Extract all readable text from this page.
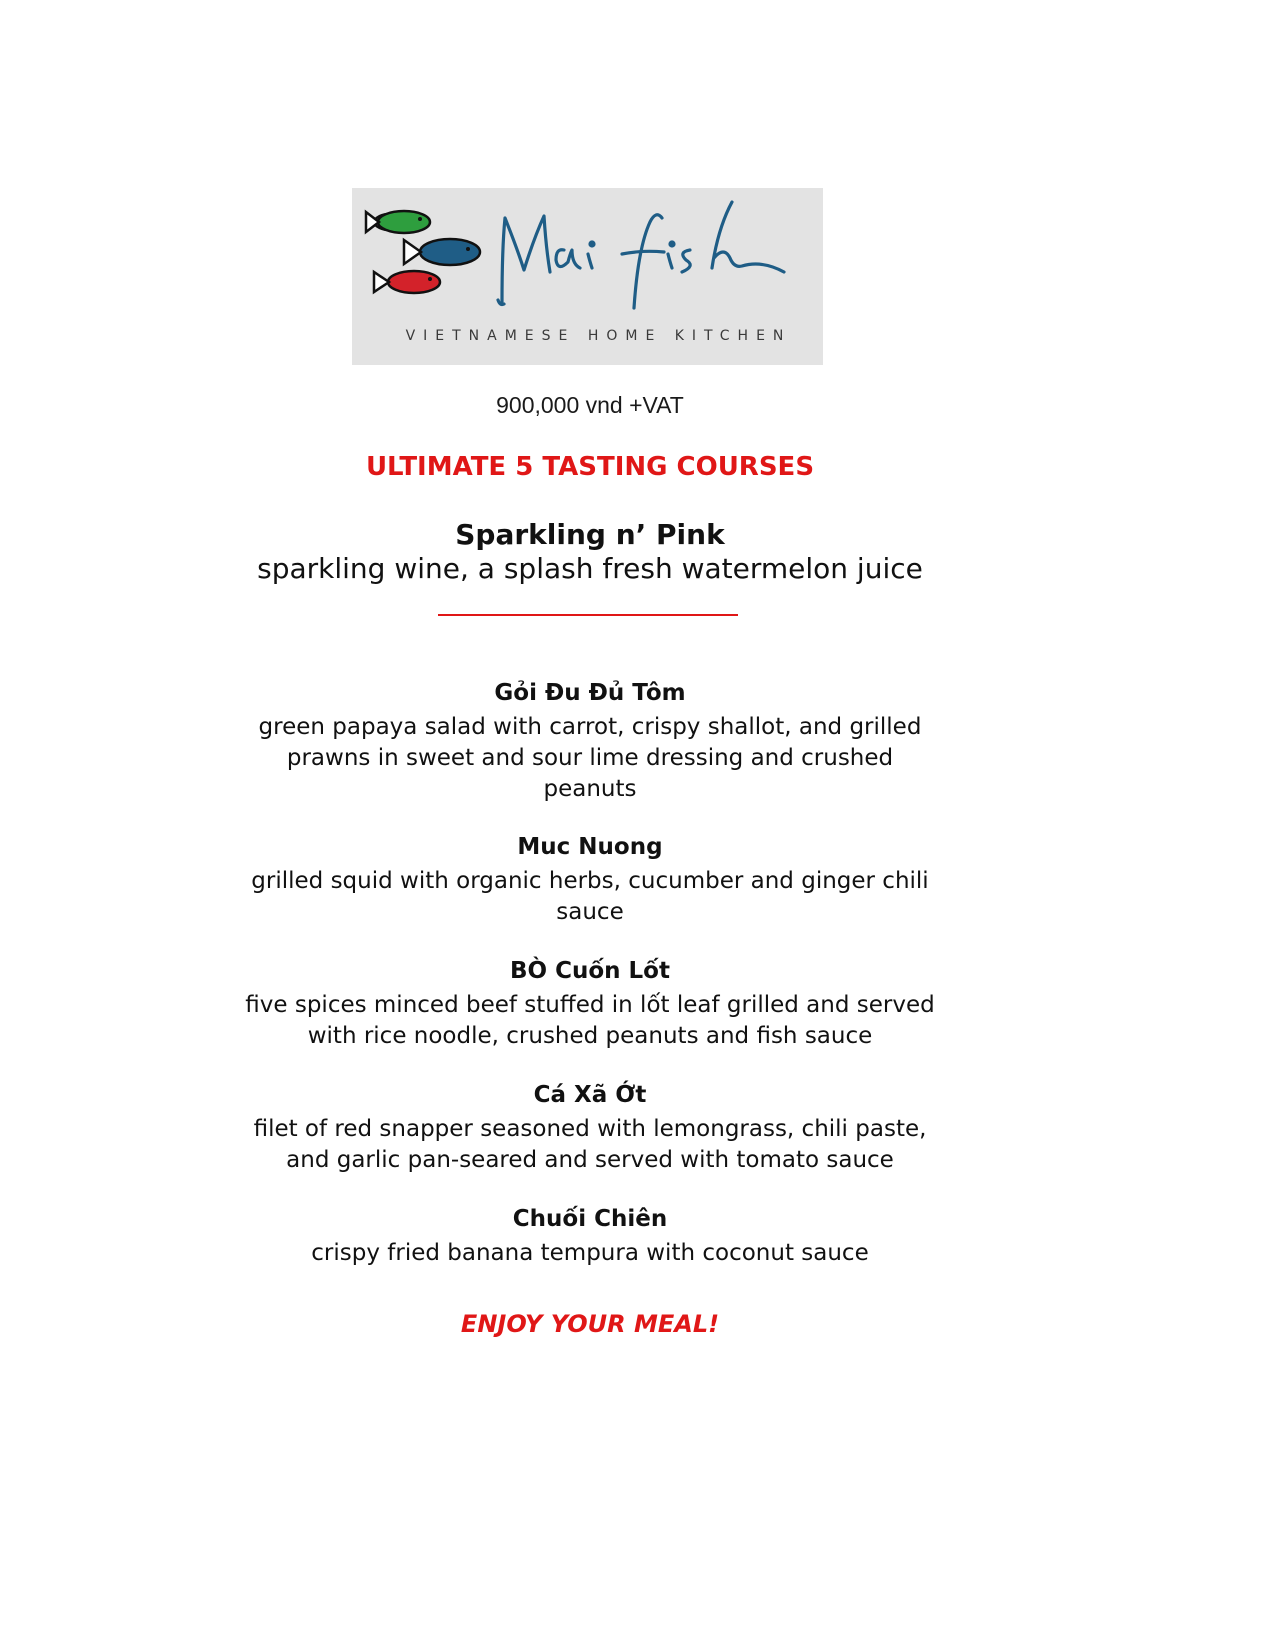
VIETNAMESE HOME KITCHEN
900,000 vnd +VAT
ULTIMATE 5 TASTING COURSES
Sparkling n’ Pink
sparkling wine, a splash fresh watermelon juice
Gỏi Đu Đủ Tôm
green papaya salad with carrot, crispy shallot, and grilled
prawns in sweet and sour lime dressing and crushed
peanuts
Muc Nuong
grilled squid with organic herbs, cucumber and ginger chili
sauce
BÒ Cuốn Lốt
five spices minced beef stuffed in lốt leaf grilled and served
with rice noodle, crushed peanuts and fish sauce
Cá Xã Ớt
filet of red snapper seasoned with lemongrass, chili paste,
and garlic pan-seared and served with tomato sauce
Chuối Chiên
crispy fried banana tempura with coconut sauce
ENJOY YOUR MEAL!
